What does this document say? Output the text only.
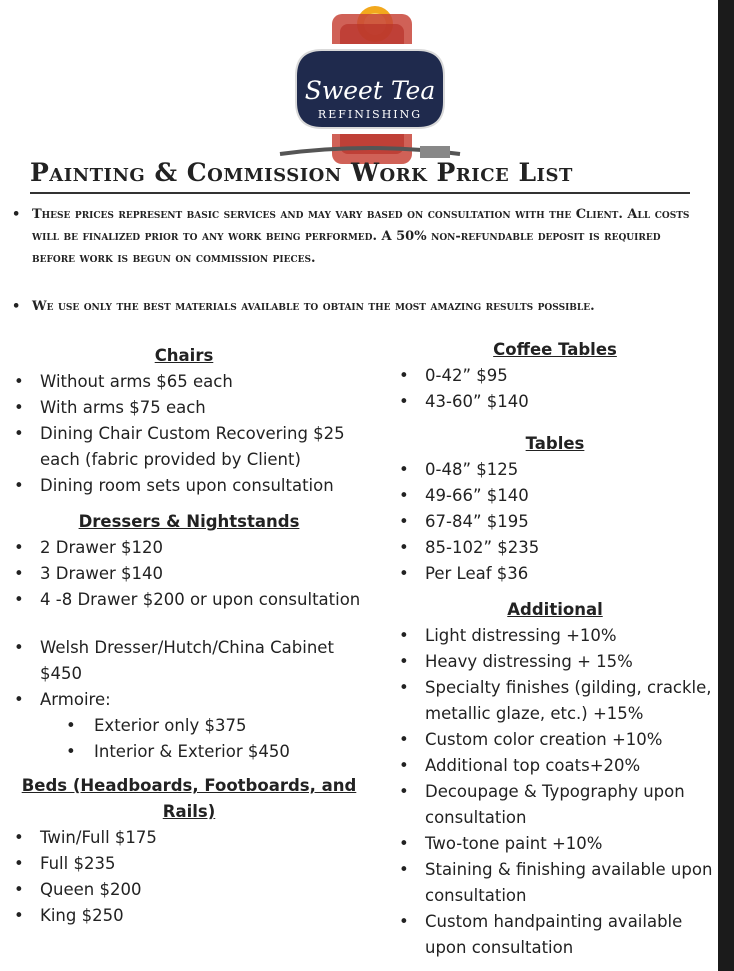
Sweet Tea
REFINISHING
Painting & Commission Work Price List
• These prices represent basic services and may vary based on consultation with the Client. All costs will be finalized prior to any work being performed. A 50% non-refundable deposit is required before work is begun on commission pieces.
• We use only the best materials available to obtain the most amazing results possible.
Chairs
• Without arms $65 each
• With arms $75 each
• Dining Chair Custom Recovering $25 each (fabric provided by Client)
• Dining room sets upon consultation
Dressers & Nightstands
• 2 Drawer $120
• 3 Drawer $140
• 4 -8 Drawer $200 or upon consultation
• Welsh Dresser/Hutch/China Cabinet $450
• Armoire:
• Exterior only $375
• Interior & Exterior $450
Beds (Headboards, Footboards, and Rails)
• Twin/Full $175
• Full $235
• Queen $200
• King $250
Coffee Tables
• 0-42” $95
• 43-60” $140
Tables
• 0-48” $125
• 49-66” $140
• 67-84” $195
• 85-102” $235
• Per Leaf $36
Additional
• Light distressing +10%
• Heavy distressing + 15%
• Specialty finishes (gilding, crackle, metallic glaze, etc.) +15%
• Custom color creation +10%
• Additional top coats+20%
• Decoupage & Typography upon consultation
• Two-tone paint +10%
• Staining & finishing available upon consultation
• Custom handpainting available upon consultation
